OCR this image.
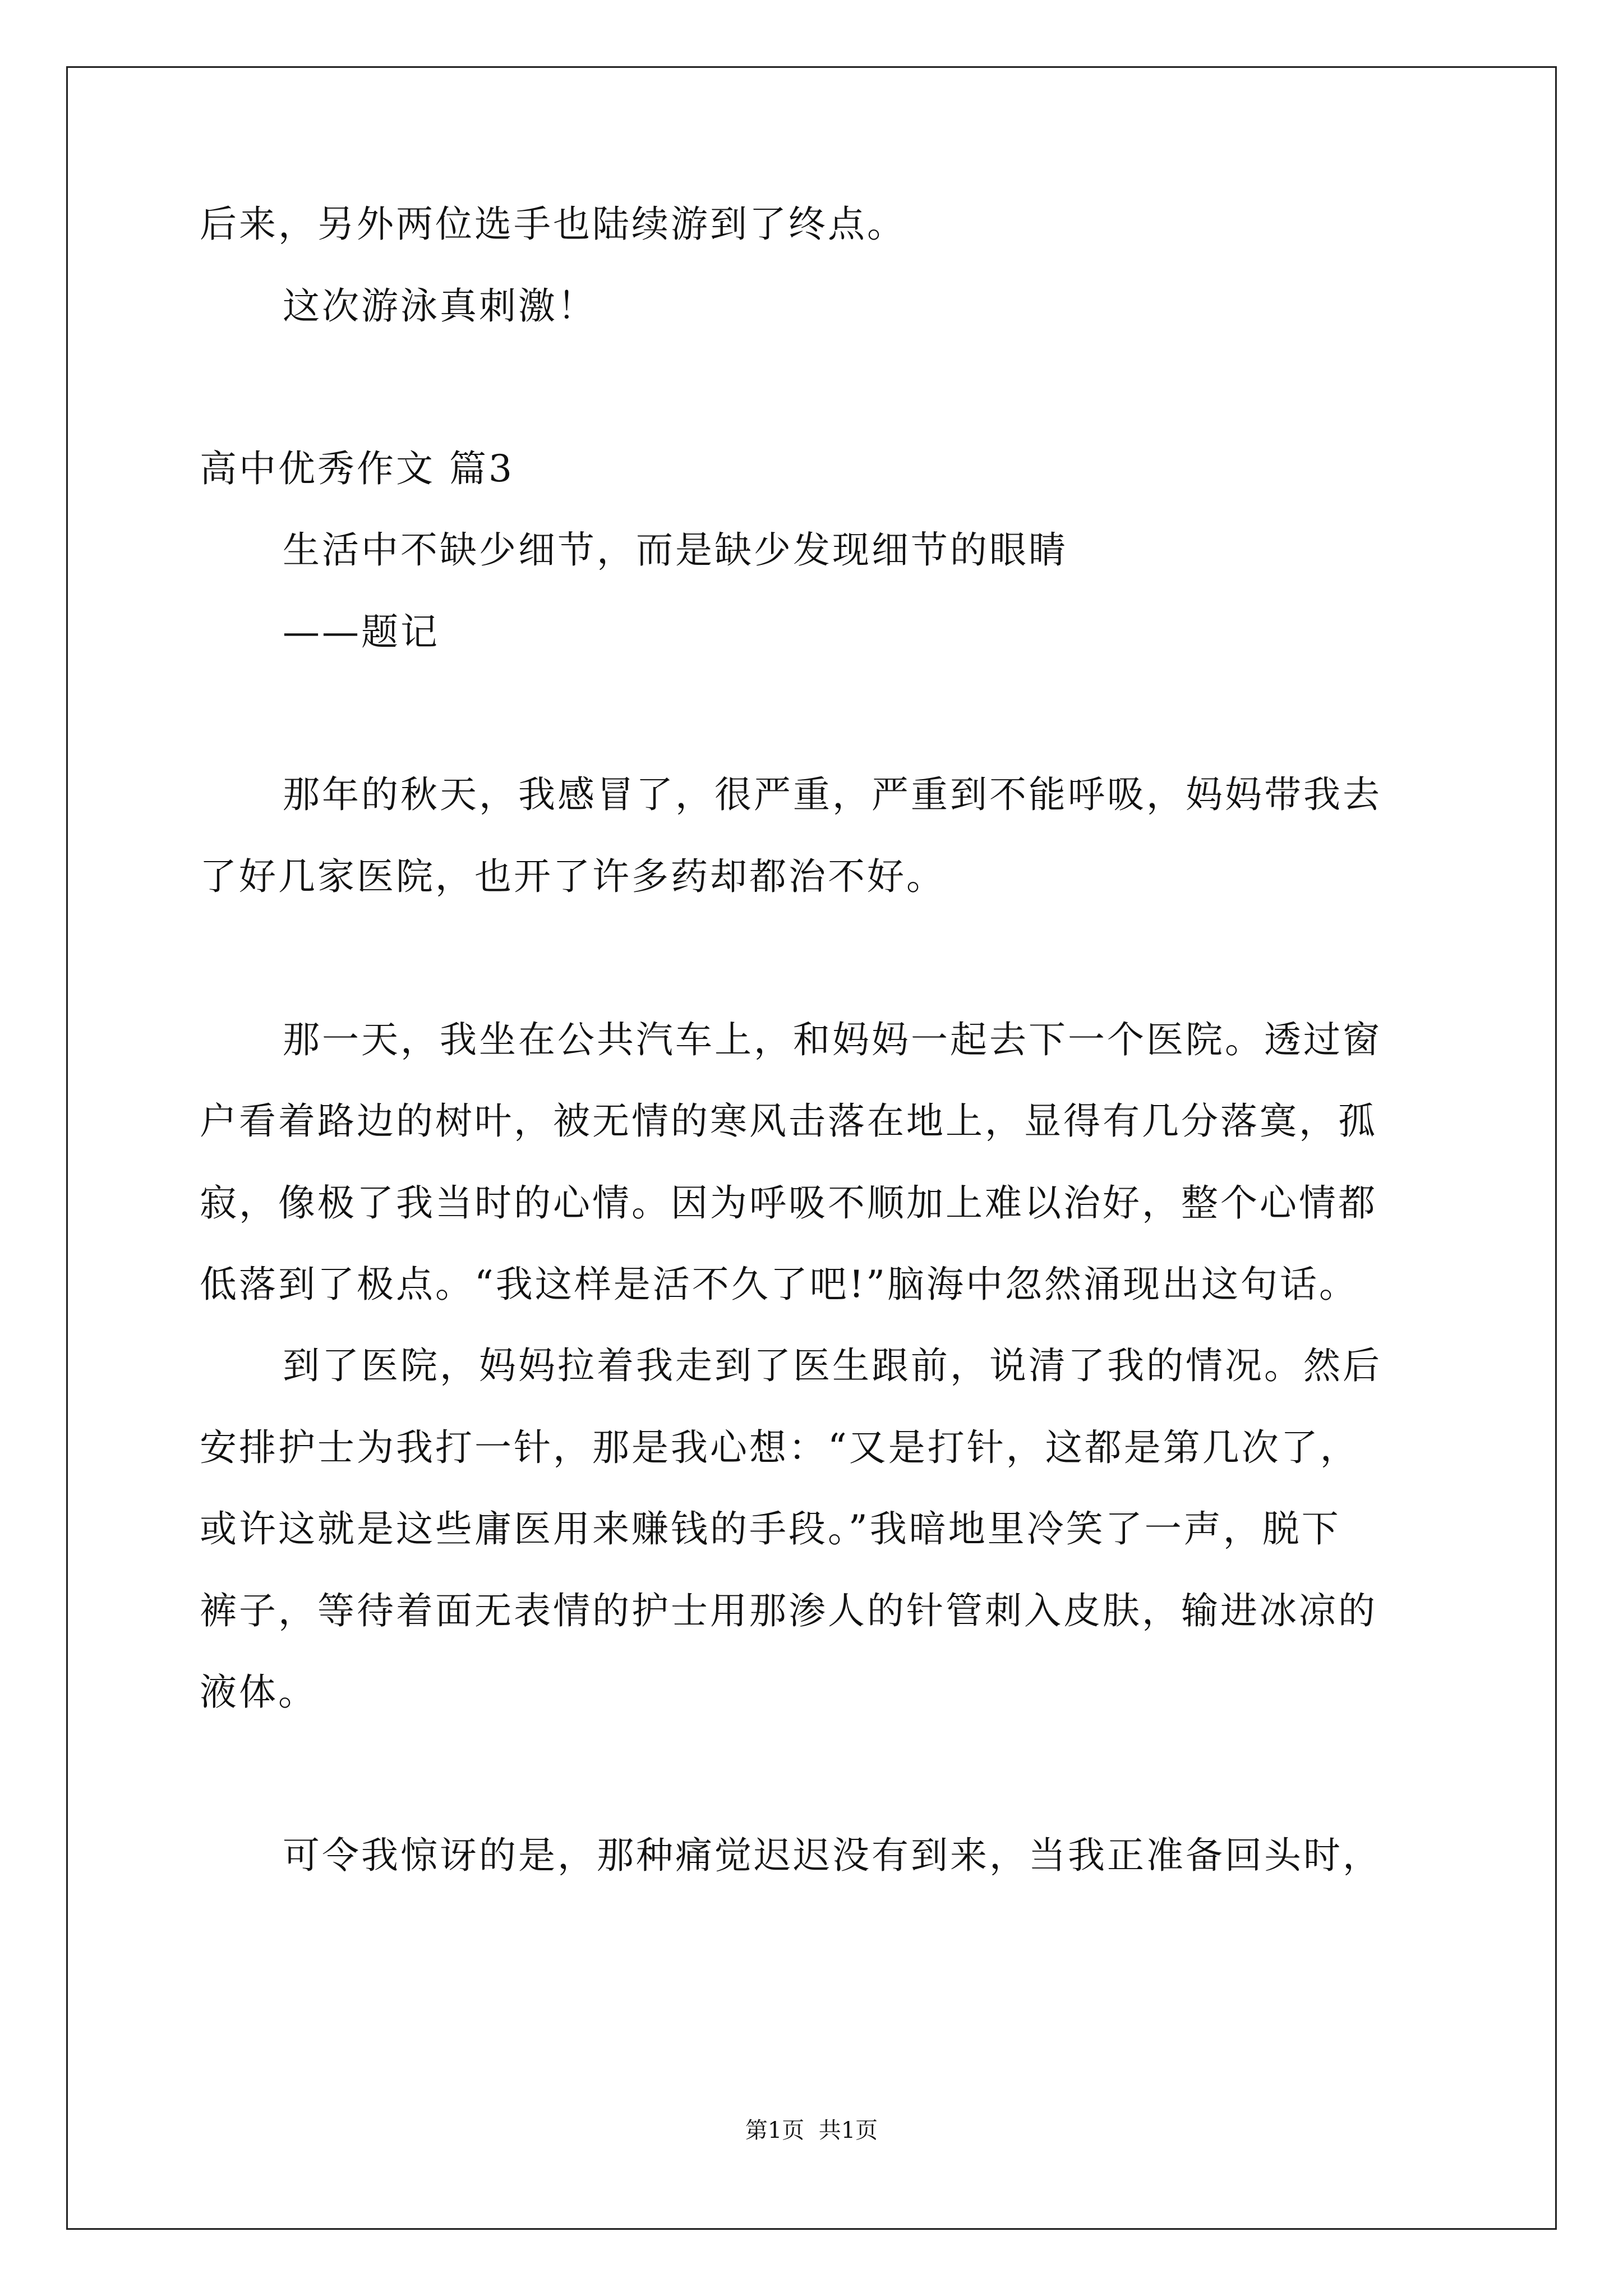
后来，另外两位选手也陆续游到了终点。
这次游泳真刺激！
高中优秀作文 篇3
生活中不缺少细节，而是缺少发现细节的眼睛
——题记
那年的秋天，我感冒了，很严重，严重到不能呼吸，妈妈带我去
了好几家医院，也开了许多药却都治不好。
那一天，我坐在公共汽车上，和妈妈一起去下一个医院。透过窗
户看着路边的树叶，被无情的寒风击落在地上，显得有几分落寞，孤
寂，像极了我当时的心情。因为呼吸不顺加上难以治好，整个心情都
低落到了极点。“我这样是活不久了吧!”脑海中忽然涌现出这句话。
到了医院，妈妈拉着我走到了医生跟前，说清了我的情况。然后
安排护士为我打一针，那是我心想：“又是打针，这都是第几次了，
或许这就是这些庸医用来赚钱的手段。”我暗地里冷笑了一声，脱下
裤子，等待着面无表情的护士用那渗人的针管刺入皮肤，输进冰凉的
液体。
可令我惊讶的是，那种痛觉迟迟没有到来，当我正准备回头时，
第1页  共1页
